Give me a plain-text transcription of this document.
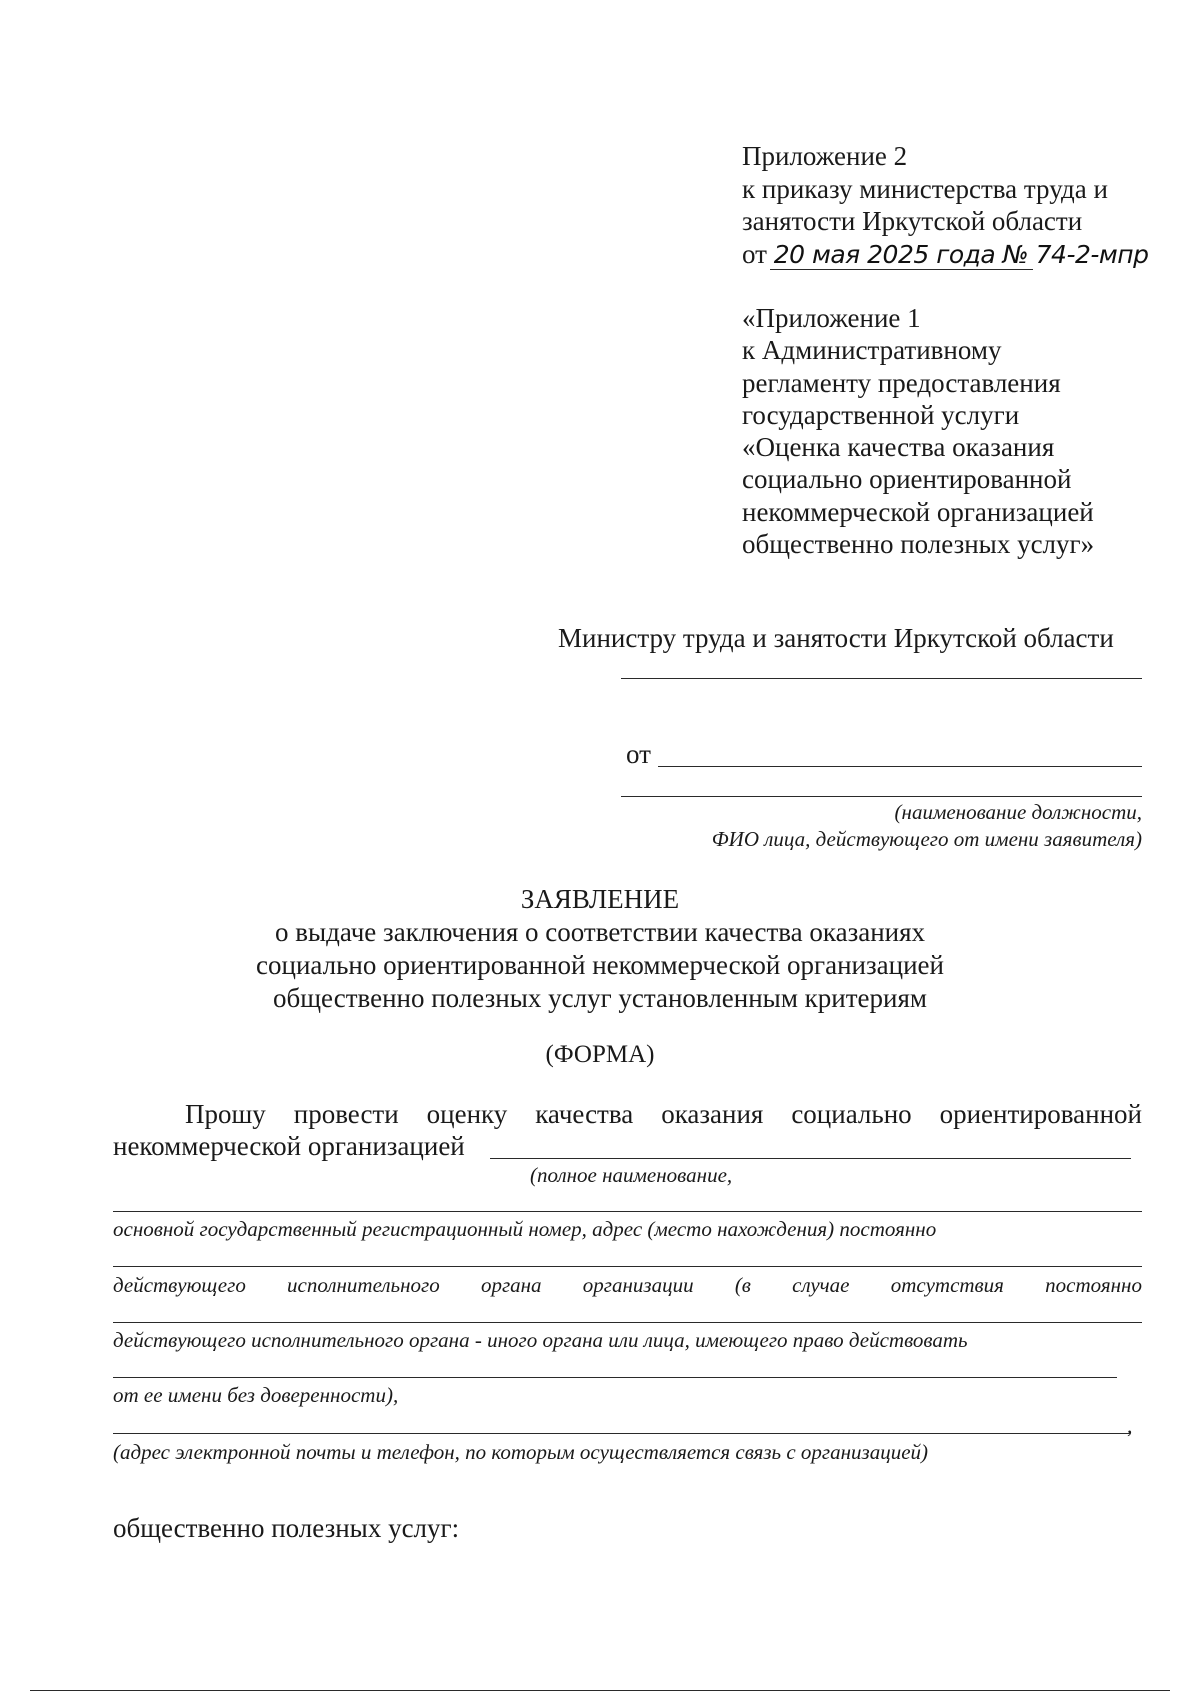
Приложение 2
к приказу министерства труда и
занятости Иркутской области
от 20 мая 2025 года № 74-2-мпр
«Приложение 1
к Административному
регламенту предоставления
государственной услуги
«Оценка качества оказания
социально ориентированной
некоммерческой организацией
общественно полезных услуг»
Министру труда и занятости Иркутской области
от
(наименование должности,
ФИО лица, действующего от имени заявителя)
ЗАЯВЛЕНИЕ
о выдаче заключения о соответствии качества оказаниях
социально ориентированной некоммерческой организацией
общественно полезных услуг установленным критериям
(ФОРМА)
Прошу провести оценку качества оказания социально ориентированной
некоммерческой организацией
(полное наименование,
основной государственный регистрационный номер, адрес (место нахождения) постоянно
действующего исполнительного органа организации (в случае отсутствия постоянно
действующего исполнительного органа - иного органа или лица, имеющего право действовать
от ее имени без доверенности),
,
(адрес электронной почты и телефон, по которым осуществляется связь с организацией)
общественно полезных услуг:
